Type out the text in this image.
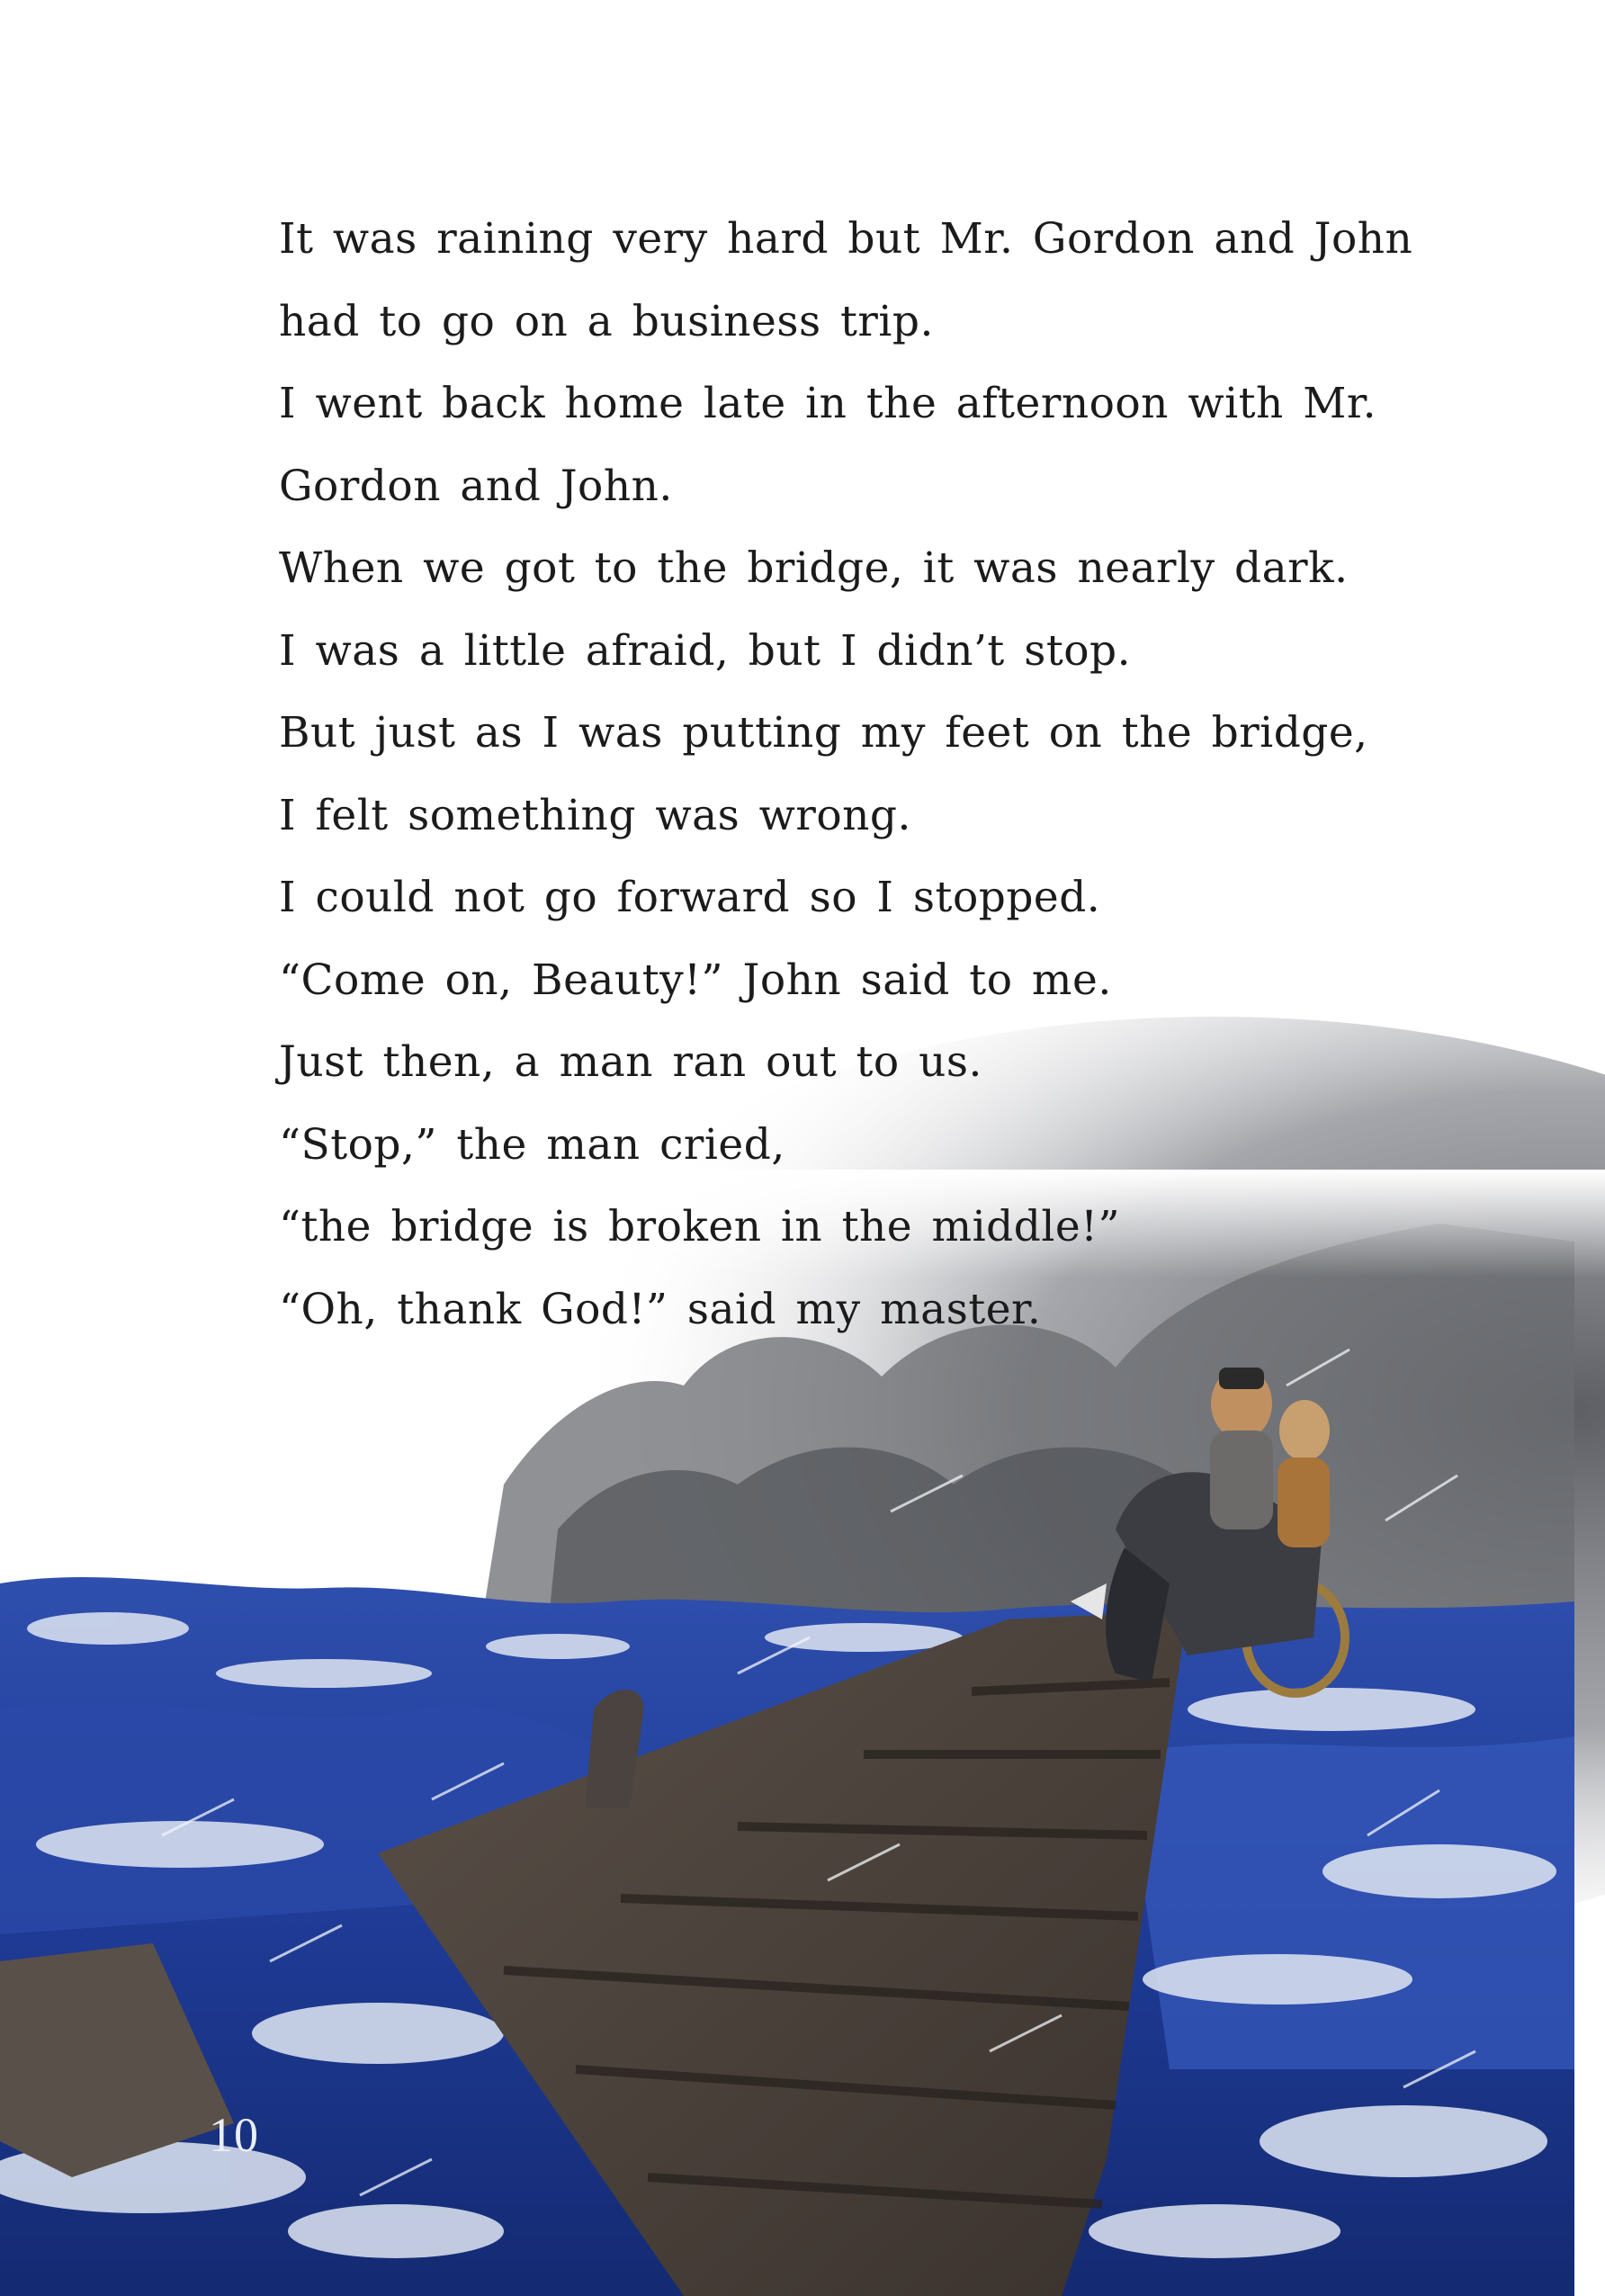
It was raining very hard but Mr. Gordon and John
had to go on a business trip.
I went back home late in the afternoon with Mr.
Gordon and John.
When we got to the bridge, it was nearly dark.
I was a little afraid, but I didn’t stop.
But just as I was putting my feet on the bridge,
I felt something was wrong.
I could not go forward so I stopped.
“Come on, Beauty!” John said to me.
Just then, a man ran out to us.
“Stop,” the man cried,
“the bridge is broken in the middle!”
“Oh, thank God!” said my master.
10
